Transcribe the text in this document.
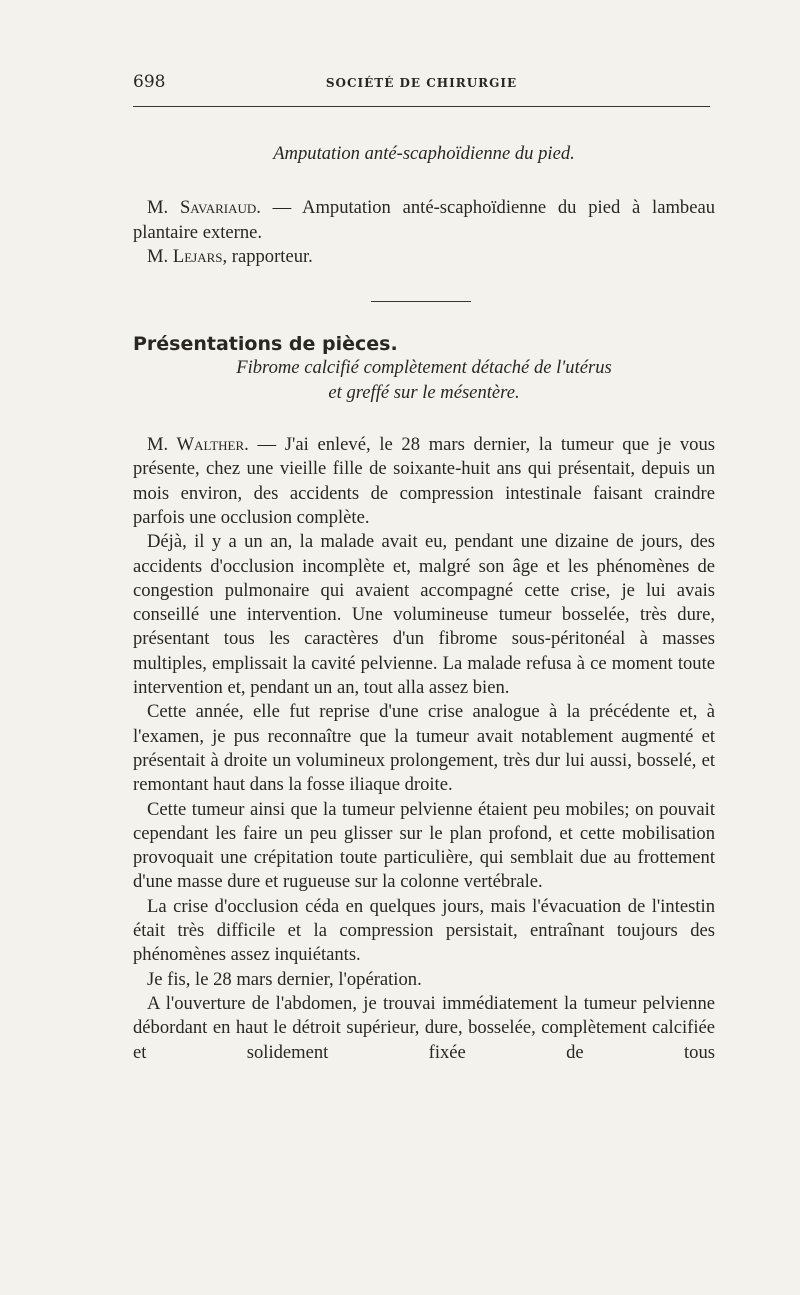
698	SOCIÉTÉ DE CHIRURGIE

Amputation anté-scaphoïdienne du pied.

M. Savariaud. — Amputation anté-scaphoïdienne du pied à lambeau plantaire externe.

M. Lejars, rapporteur.

Présentations de pièces.

Fibrome calcifié complètement détaché de l'utérus

et greffé sur le mésentère.

M. Walther. — J'ai enlevé, le 28 mars dernier, la tumeur que je vous présente, chez une vieille fille de soixante-huit ans qui présentait, depuis un mois environ, des accidents de compression intestinale faisant craindre parfois une occlusion complète.

Déjà, il y a un an, la malade avait eu, pendant une dizaine de jours, des accidents d'occlusion incomplète et, malgré son âge et les phénomènes de congestion pulmonaire qui avaient accompagné cette crise, je lui avais conseillé une intervention. Une volumineuse tumeur bosselée, très dure, présentant tous les caractères d'un fibrome sous-péritonéal à masses multiples, emplissait la cavité pelvienne. La malade refusa à ce moment toute intervention et, pendant un an, tout alla assez bien.

Cette année, elle fut reprise d'une crise analogue à la précédente et, à l'examen, je pus reconnaître que la tumeur avait notablement augmenté et présentait à droite un volumineux prolongement, très dur lui aussi, bosselé, et remontant haut dans la fosse iliaque droite.

Cette tumeur ainsi que la tumeur pelvienne étaient peu mobiles; on pouvait cependant les faire un peu glisser sur le plan profond, et cette mobilisation provoquait une crépitation toute particulière, qui semblait due au frottement d'une masse dure et rugueuse sur la colonne vertébrale.

La crise d'occlusion céda en quelques jours, mais l'évacuation de l'intestin était très difficile et la compression persistait, entraînant toujours des phénomènes assez inquiétants.

Je fis, le 28 mars dernier, l'opération.

A l'ouverture de l'abdomen, je trouvai immédiatement la tumeur pelvienne débordant en haut le détroit supérieur, dure, bosselée, complètement calcifiée et solidement fixée de tous
